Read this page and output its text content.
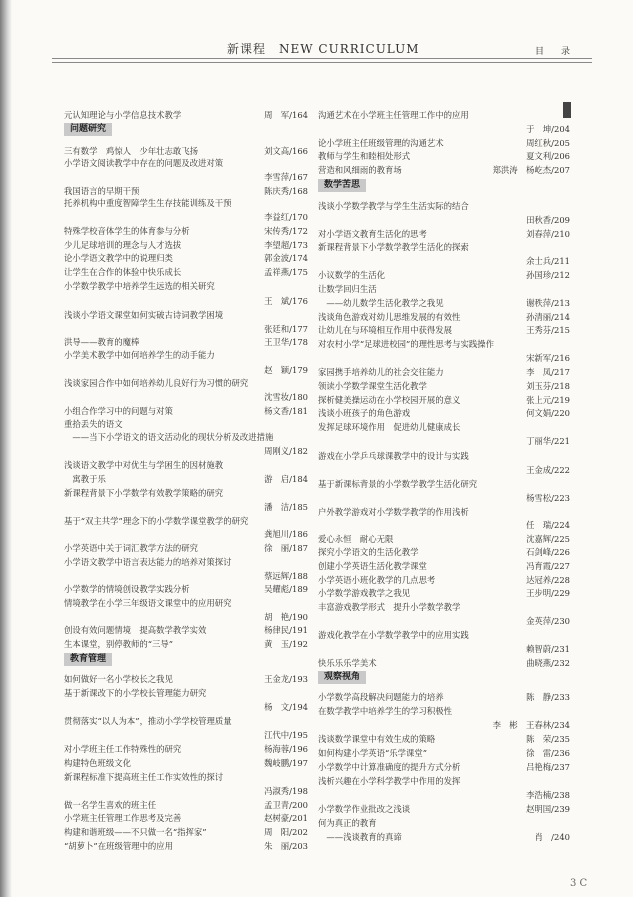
新课程　NEW CURRICULUM	目　录
元认知理论与小学信息技术教学	周　军/164
问题研究
三有数学　鸡惊人　少年壮志敢飞扬	刘文高/166
小学语文阅读教学中存在的问题及改进对策
李雪萍/167
我国语言的早期干预	陈庆秀/168
托养机构中重度智障学生生存技能训练及干预
李益红/170
特殊学校音体学生的体育参与分析	宋传秀/172
少儿足球培训的理念与人才选拔	李望超/173
论小学语文教学中的说理归类	郭金波/174
让学生在合作的体验中快乐成长	孟祥燕/175
小学数学教学中培养学生远选的相关研究
王　斌/176
浅谈小学语文课堂如何实破古诗词教学困境
张廷和/177
洪导——教育的魔棒	王卫华/178
小学美术教学中如何培养学生的动手能力
赵　颖/179
浅谈家园合作中如何培养幼儿良好行为习惯的研究
沈雪妆/180
小组合作学习中的问题与对策	杨文香/181
重拾丢失的语文
　——当下小学语文的语文活动化的现状分析及改进措施
周刚义/182
浅谈语文教学中对优生与学困生的因材施教
　寓教于乐	游　启/184
新课程背景下小学数学有效教学策略的研究
潘　洁/185
基于“双主共学”理念下的小学数学课堂教学的研究
龚旭川/186
小学英语中关于词汇教学方法的研究	徐　丽/187
小学语文教学中语言表达能力的培养对策探讨
蔡远辉/188
小学数学的情境创设教学实践分析	吴耀彪/189
情境教学在小学三年级语文课堂中的应用研究
胡　艳/190
创设有效问题情境　提高数学教学实效	杨律民/191
生本课堂，别停教师的“三导”	黄　玉/192
教育管理
如何做好一名小学校长之我见	王金龙/193
基于新课改下的小学校长管理能力研究
杨　文/194
贯彻落实“以人为本”，推动小学学校管理质量
江代中/195
对小学班主任工作特殊性的研究	杨海蓉/196
构建特色班级文化	魏岐鹏/197
新课程标准下提高班主任工作实效性的探讨
冯淑秀/198
做一名学生喜欢的班主任	孟卫青/200
小学班主任管理工作思考及完善	赵树豪/201
构建和谐班级——不只做一名“指挥家”	周　阳/202
“胡萝卜”在班级管理中的应用	朱　丽/203
沟通艺术在小学班主任管理工作中的应用
于　坤/204
论小学班主任班级管理的沟通艺术	周红秋/205
教师与学生和睦相处形式	夏文利/206
营造和风细雨的教育场	郑洪涛　杨屹杰/207
数学苦思
浅谈小学数学教学与学生生活实际的结合
田秋香/209
对小学语文教育生活化的思考	刘春萍/210
新课程背景下小学数学教学生活化的探索
余士兵/211
小议数学的生活化	孙国珍/212
让数学回归生活
　——幼儿数学生活化教学之我见	谢秩萍/213
浅谈角色游戏对幼儿思维发展的有效性	孙清丽/214
让幼儿在与环境相互作用中获得发展	王秀芬/215
对农村小学“足球进校园”的理性思考与实践操作
宋新军/216
家园携手培养幼儿的社会交往能力	李　凤/217
领读小学数学课堂生活化教学	刘玉芬/218
探析健美操运动在小学校园开展的意义	张上元/219
浅谈小班孩子的角色游戏	何文娟/220
发挥足球环境作用　促进幼儿健康成长
丁丽华/221
游戏在小学乒乓球课教学中的设计与实践
王金成/222
基于新课标背景的小学数学教学生活化研究
杨雪松/223
户外教学游戏对小学数学教学的作用浅析
任　瑞/224
爱心永恒　耐心无限	沈嘉辉/225
探究小学语文的生活化教学	石剑峰/226
创建小学英语生活化教学课堂	冯育霞/227
小学英语小班化教学的几点思考	达冠养/228
小学数学游戏教学之我见	王步明/229
丰富游戏教学形式　提升小学数学教学
金英萍/230
游戏化教学在小学数学教学中的应用实践
赖智蔚/231
快乐乐乐学美术	曲晓燕/232
观察视角
小学数学高段解决问题能力的培养	陈　静/233
在数学教学中培养学生的学习积极性
李　彬　王春林/234
浅谈数学课堂中有效生成的策略	陈　荣/235
如何构建小学英语“乐学课堂”	徐　雷/236
小学数学中计算准确度的提升方式分析	吕艳梅/237
浅析兴趣在小学科学教学中作用的发挥
李浩楠/238
小学数学作业批改之浅谈	赵明国/239
何为真正的教育
　——浅谈教育的真谛	肖　/240
3 C
